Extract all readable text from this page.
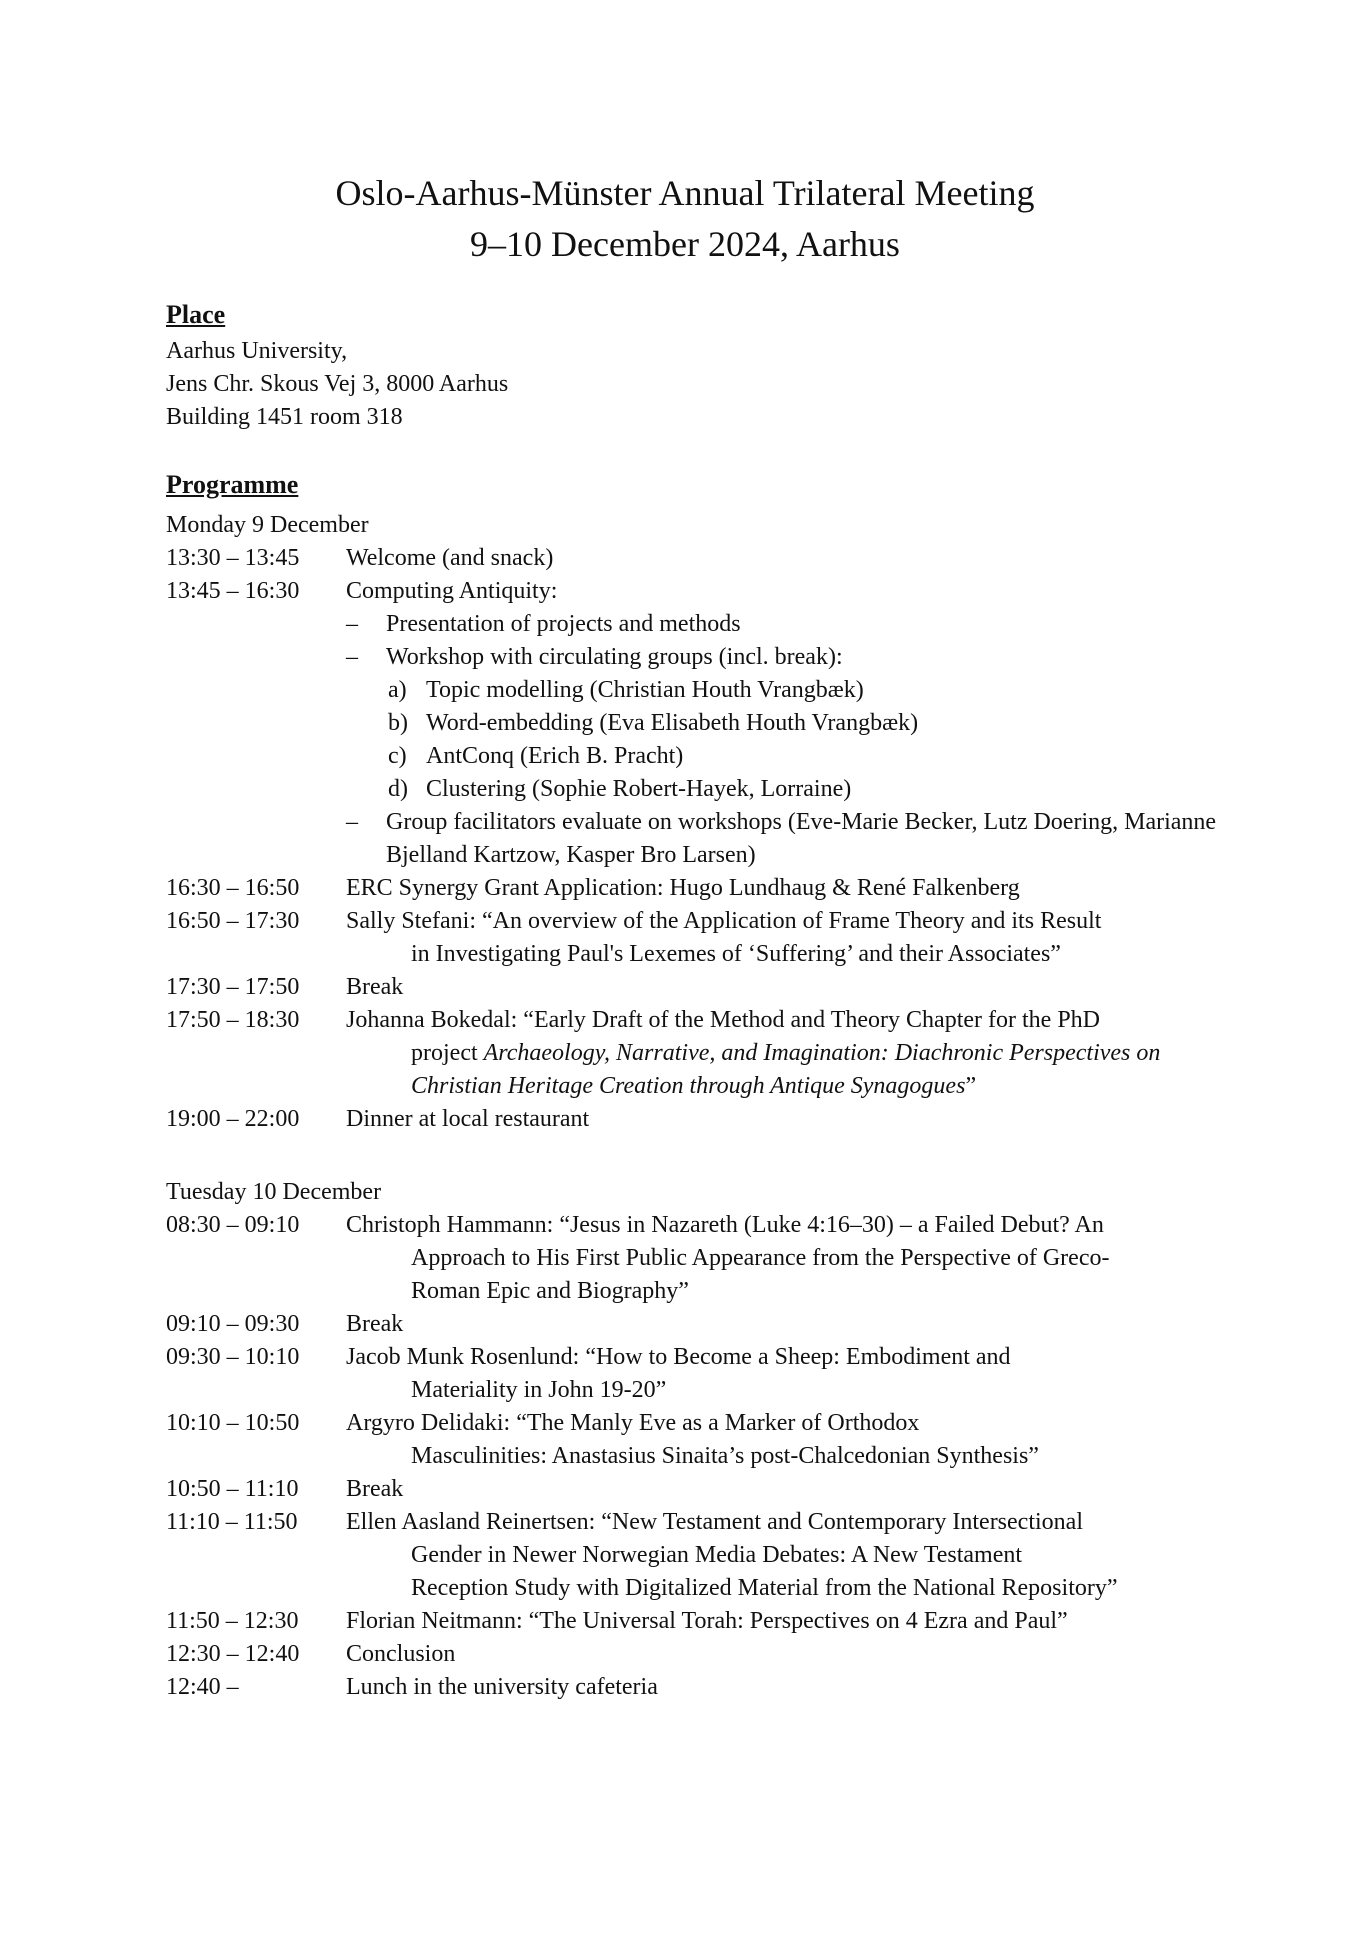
Oslo-Aarhus-Münster Annual Trilateral Meeting
9–10 December 2024, Aarhus
Place
Aarhus University,
Jens Chr. Skous Vej 3, 8000 Aarhus
Building 1451 room 318
Programme
Monday 9 December
13:30 – 13:45 Welcome (and snack)
13:45 – 16:30 Computing Antiquity:
– Presentation of projects and methods
– Workshop with circulating groups (incl. break):
a) Topic modelling (Christian Houth Vrangbæk)
b) Word-embedding (Eva Elisabeth Houth Vrangbæk)
c) AntConq (Erich B. Pracht)
d) Clustering (Sophie Robert-Hayek, Lorraine)
–	Group facilitators evaluate on workshops (Eve-Marie Becker, Lutz Doering, Marianne Bjelland Kartzow, Kasper Bro Larsen)
16:30 – 16:50 ERC Synergy Grant Application: Hugo Lundhaug & René Falkenberg
16:50 – 17:30 Sally Stefani: “An overview of the Application of Frame Theory and its Result
in Investigating Paul's Lexemes of ‘Suffering’ and their Associates”
17:30 – 17:50 Break
17:50 – 18:30 Johanna Bokedal: “Early Draft of the Method and Theory Chapter for the PhD
project Archaeology, Narrative, and Imagination: Diachronic Perspectives on
Christian Heritage Creation through Antique Synagogues”
19:00 – 22:00 Dinner at local restaurant
Tuesday 10 December
08:30 – 09:10 Christoph Hammann: “Jesus in Nazareth (Luke 4:16–30) – a Failed Debut? An
Approach to His First Public Appearance from the Perspective of Greco-
Roman Epic and Biography”
09:10 – 09:30 Break
09:30 – 10:10 Jacob Munk Rosenlund: “How to Become a Sheep: Embodiment and
Materiality in John 19-20”
10:10 – 10:50 Argyro Delidaki: “The Manly Eve as a Marker of Orthodox
Masculinities: Anastasius Sinaita’s post-Chalcedonian Synthesis”
10:50 – 11:10 Break
11:10 – 11:50 Ellen Aasland Reinertsen: “New Testament and Contemporary Intersectional
Gender in Newer Norwegian Media Debates: A New Testament
Reception Study with Digitalized Material from the National Repository”
11:50 – 12:30 Florian Neitmann: “The Universal Torah: Perspectives on 4 Ezra and Paul”
12:30 – 12:40 Conclusion
12:40 –	Lunch in the university cafeteria
